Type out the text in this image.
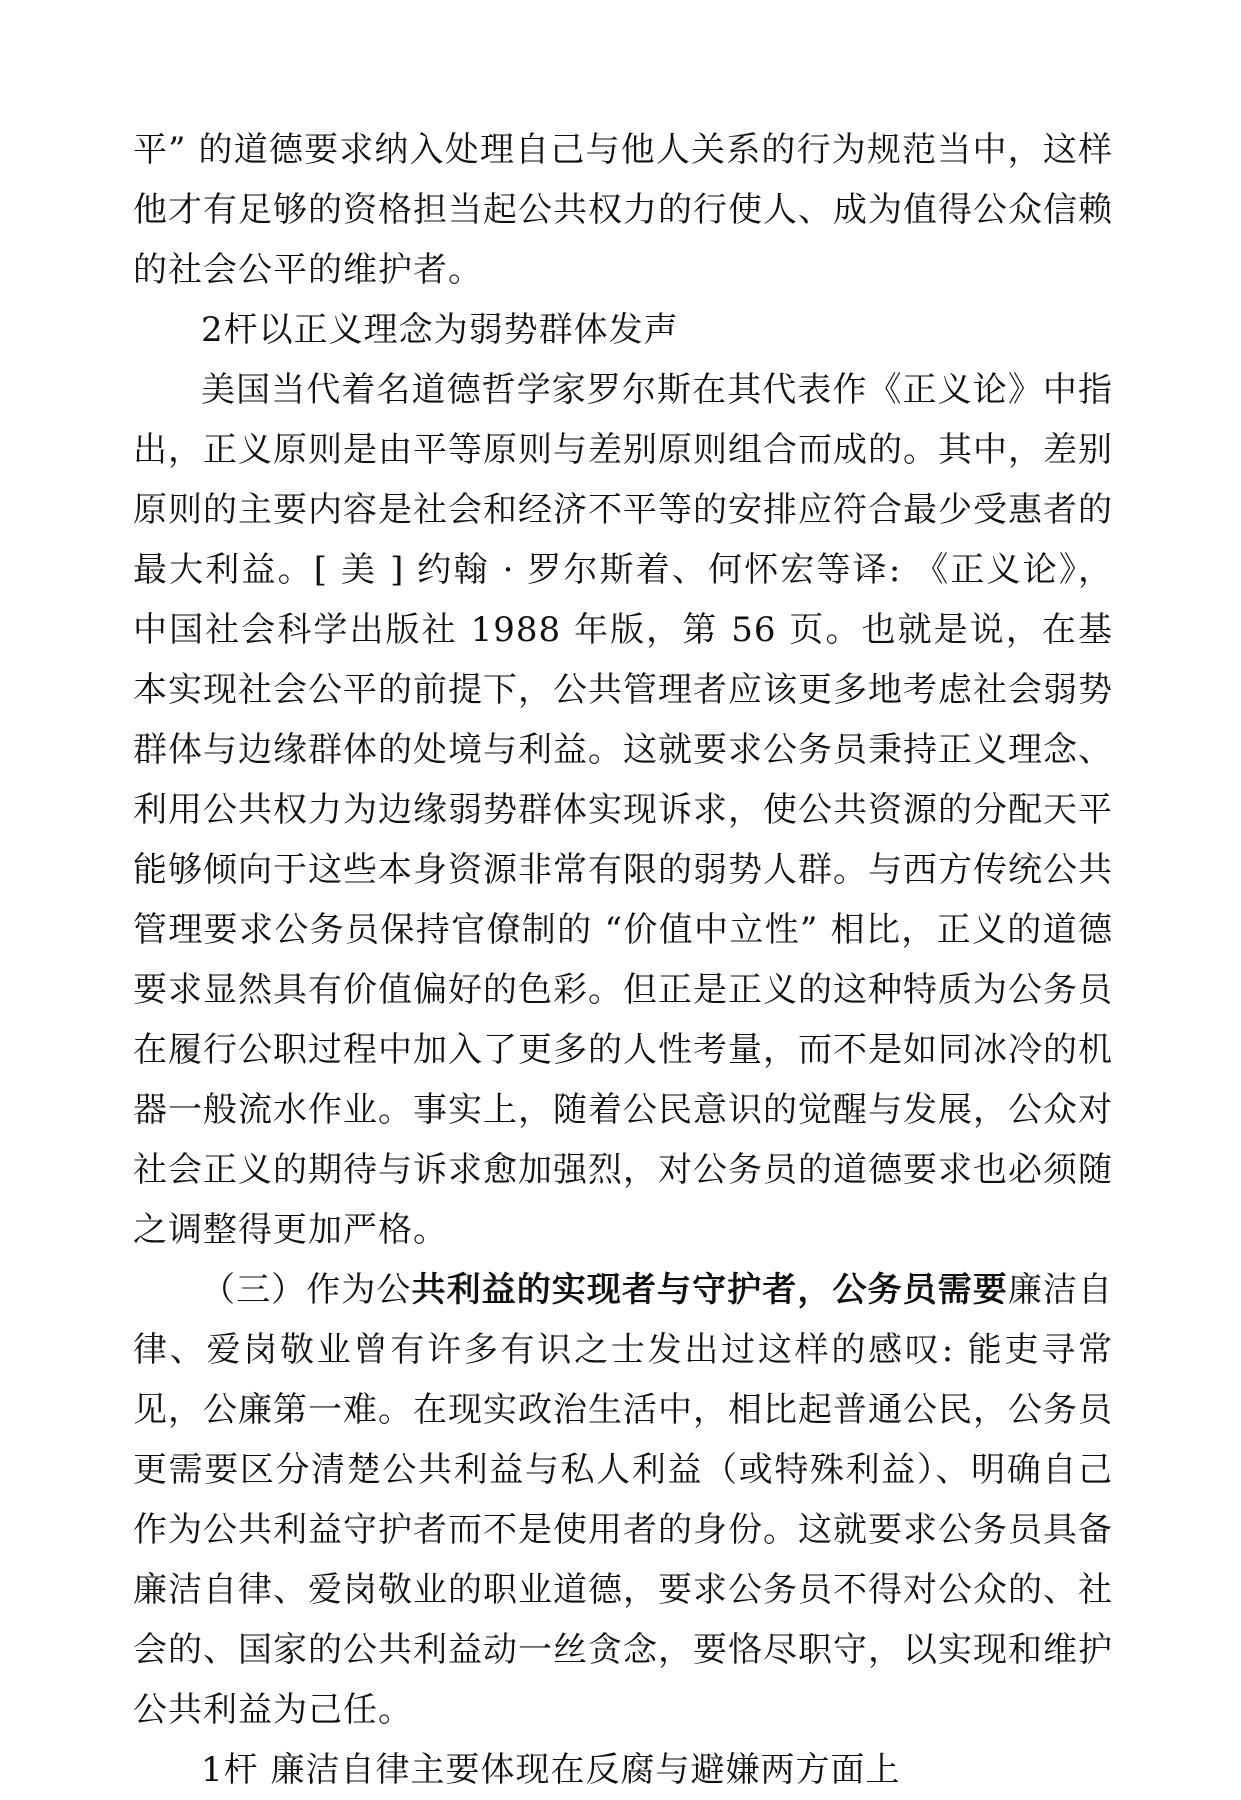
平” 的道德要求纳入处理自己与他人关系的行为规范当中，这样他才有足够的资格担当起公共权力的行使人、成为值得公众信赖的社会公平的维护者。

2杆以正义理念为弱势群体发声

美国当代着名道德哲学家罗尔斯在其代表作《正义论》中指出，正义原则是由平等原则与差别原则组合而成的。其中，差别原则的主要内容是社会和经济不平等的安排应符合最少受惠者的最大利益。[ 美 ] 约翰 · 罗尔斯着、何怀宏等译: 《正义论》，中国社会科学出版社 1988 年版，第 56 页。也就是说，在基本实现社会公平的前提下，公共管理者应该更多地考虑社会弱势群体与边缘群体的处境与利益。这就要求公务员秉持正义理念、利用公共权力为边缘弱势群体实现诉求，使公共资源的分配天平能够倾向于这些本身资源非常有限的弱势人群。与西方传统公共管理要求公务员保持官僚制的 “价值中立性” 相比，正义的道德要求显然具有价值偏好的色彩。但正是正义的这种特质为公务员在履行公职过程中加入了更多的人性考量，而不是如同冰冷的机器一般流水作业。事实上，随着公民意识的觉醒与发展，公众对社会正义的期待与诉求愈加强烈，对公务员的道德要求也必须随之调整得更加严格。

（三）作为公共利益的实现者与守护者，公务员需要廉洁自律、爱岗敬业曾有许多有识之士发出过这样的感叹: 能吏寻常见，公廉第一难。在现实政治生活中，相比起普通公民，公务员更需要区分清楚公共利益与私人利益（或特殊利益）、明确自己作为公共利益守护者而不是使用者的身份。这就要求公务员具备廉洁自律、爱岗敬业的职业道德，要求公务员不得对公众的、社会的、国家的公共利益动一丝贪念，要恪尽职守，以实现和维护公共利益为己任。

1杆 廉洁自律主要体现在反腐与避嫌两方面上
